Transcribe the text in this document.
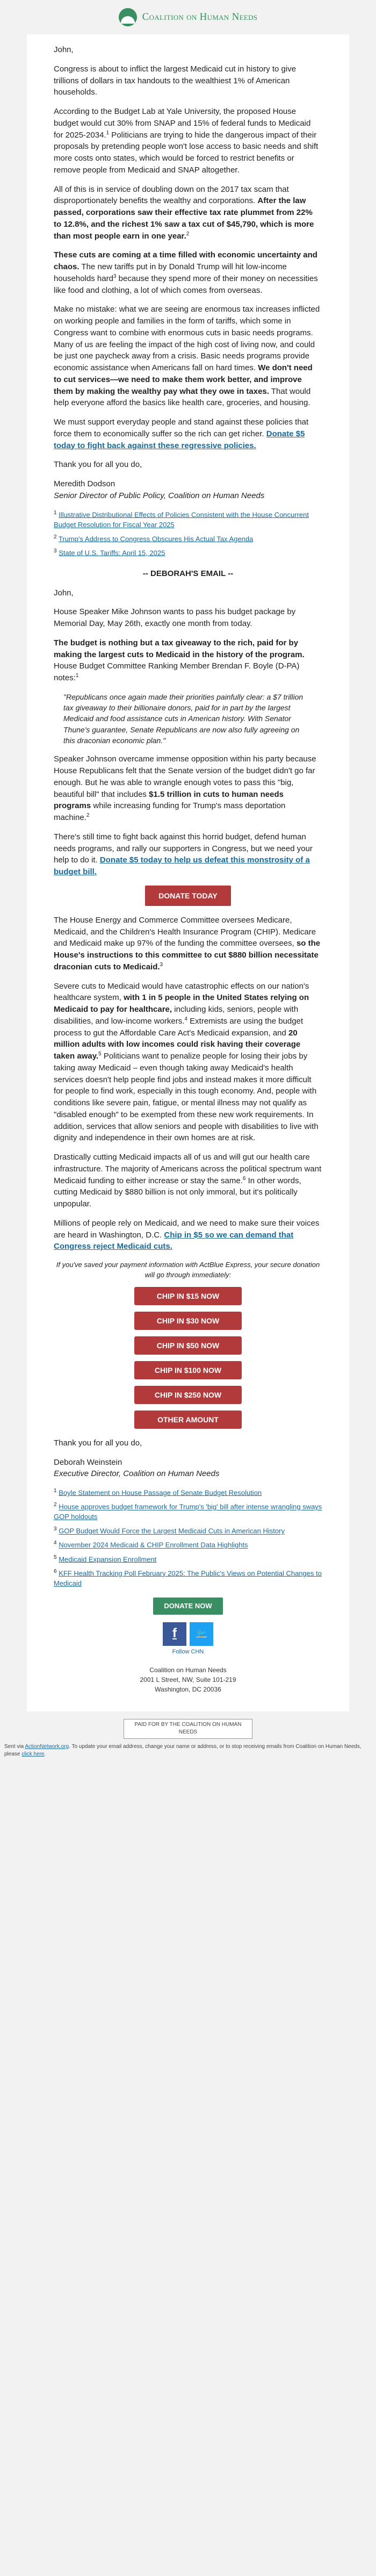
Coalition on Human Needs

John,

Congress is about to inflict the largest Medicaid cut in history to give trillions of dollars in tax handouts to the wealthiest 1% of American households.

According to the Budget Lab at Yale University, the proposed House budget would cut 30% from SNAP and 15% of federal funds to Medicaid for 2025-2034.$^1$ Politicians are trying to hide the dangerous impact of their proposals by pretending people won't lose access to basic needs and shift more costs onto states, which would be forced to restrict benefits or remove people from Medicaid and SNAP altogether.

All of this is in service of doubling down on the 2017 tax scam that disproportionately benefits the wealthy and corporations. After the law passed, corporations saw their effective tax rate plummet from 22% to 12.8%, and the richest 1% saw a tax cut of $45,790, which is more than most people earn in one year.$^2$

These cuts are coming at a time filled with economic uncertainty and chaos. The new tariffs put in by Donald Trump will hit low-income households hard$^3$ because they spend more of their money on necessities like food and clothing, a lot of which comes from overseas.

Make no mistake: what we are seeing are enormous tax increases inflicted on working people and families in the form of tariffs, which some in Congress want to combine with enormous cuts in basic needs programs. Many of us are feeling the impact of the high cost of living now, and could be just one paycheck away from a crisis. Basic needs programs provide economic assistance when Americans fall on hard times. We don't need to cut services—we need to make them work better, and improve them by making the wealthy pay what they owe in taxes. That would help everyone afford the basics like health care, groceries, and housing.

We must support everyday people and stand against these policies that force them to economically suffer so the rich can get richer. Donate $5 today to fight back against these regressive policies.

Thank you for all you do,

Meredith Dodson

Senior Director of Public Policy, Coalition on Human Needs

$^1$ Illustrative Distributional Effects of Policies Consistent with the House Concurrent Budget Resolution for Fiscal Year 2025

$^2$ Trump's Address to Congress Obscures His Actual Tax Agenda

$^3$ State of U.S. Tariffs: April 15, 2025

-- DEBORAH'S EMAIL --

John,

House Speaker Mike Johnson wants to pass his budget package by Memorial Day, May 26th, exactly one month from today.

The budget is nothing but a tax giveaway to the rich, paid for by making the largest cuts to Medicaid in the history of the program. House Budget Committee Ranking Member Brendan F. Boyle (D-PA) notes:$^1$

"Republicans once again made their priorities painfully clear: a $7 trillion tax giveaway to their billionaire donors, paid for in part by the largest Medicaid and food assistance cuts in American history. With Senator Thune's guarantee, Senate Republicans are now also fully agreeing on this draconian economic plan."

Speaker Johnson overcame immense opposition within his party because House Republicans felt that the Senate version of the budget didn't go far enough. But he was able to wrangle enough votes to pass this "big, beautiful bill" that includes $1.5 trillion in cuts to human needs programs while increasing funding for Trump's mass deportation machine.$^2$

There's still time to fight back against this horrid budget, defend human needs programs, and rally our supporters in Congress, but we need your help to do it. Donate $5 today to help us defeat this monstrosity of a budget bill.

DONATE TODAY

The House Energy and Commerce Committee oversees Medicare, Medicaid, and the Children's Health Insurance Program (CHIP). Medicare and Medicaid make up 97% of the funding the committee oversees, so the House's instructions to this committee to cut $880 billion necessitate draconian cuts to Medicaid.$^3$

Severe cuts to Medicaid would have catastrophic effects on our nation's healthcare system, with 1 in 5 people in the United States relying on Medicaid to pay for healthcare, including kids, seniors, people with disabilities, and low-income workers.$^4$ Extremists are using the budget process to gut the Affordable Care Act's Medicaid expansion, and 20 million adults with low incomes could risk having their coverage taken away.$^5$ Politicians want to penalize people for losing their jobs by taking away Medicaid – even though taking away Medicaid's health services doesn't help people find jobs and instead makes it more difficult for people to find work, especially in this tough economy. And, people with conditions like severe pain, fatigue, or mental illness may not qualify as "disabled enough" to be exempted from these new work requirements. In addition, services that allow seniors and people with disabilities to live with dignity and independence in their own homes are at risk.

Drastically cutting Medicaid impacts all of us and will gut our health care infrastructure. The majority of Americans across the political spectrum want Medicaid funding to either increase or stay the same.$^6$ In other words, cutting Medicaid by $880 billion is not only immoral, but it's politically unpopular.

Millions of people rely on Medicaid, and we need to make sure their voices are heard in Washington, D.C. Chip in $5 so we can demand that Congress reject Medicaid cuts.

If you've saved your payment information with ActBlue Express, your secure donation will go through immediately:

CHIP IN $15 NOW
CHIP IN $30 NOW
CHIP IN $50 NOW
CHIP IN $100 NOW
CHIP IN $250 NOW
OTHER AMOUNT

Thank you for all you do,

Deborah Weinstein

Executive Director, Coalition on Human Needs

$^1$ Boyle Statement on House Passage of Senate Budget Resolution

$^2$ House approves budget framework for Trump's 'big' bill after intense wrangling sways GOP holdouts

$^3$ GOP Budget Would Force the Largest Medicaid Cuts in American History

$^4$ November 2024 Medicaid & CHIP Enrollment Data Highlights

$^5$ Medicaid Expansion Enrollment

$^6$ KFF Health Tracking Poll February 2025: The Public's Views on Potential Changes to Medicaid

DONATE NOW
f	🐦

Follow CHN

Coalition on Human Needs
2001 L Street, NW, Suite 101-219
Washington, DC 20036
PAID FOR BY THE COALITION ON HUMAN NEEDS
Sent via ActionNetwork.org. To update your email address, change your name or address, or to stop receiving emails from Coalition on Human Needs, please click here.
